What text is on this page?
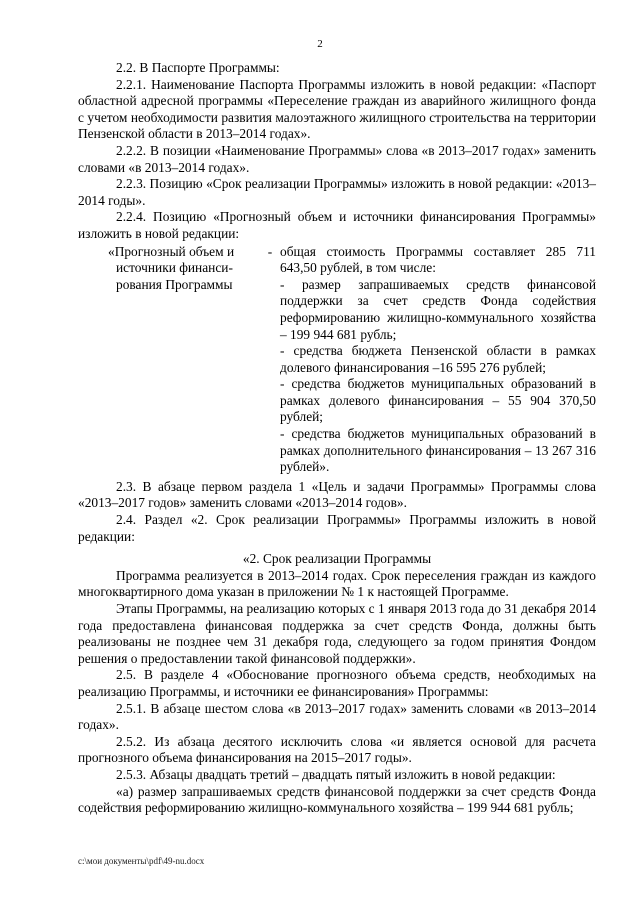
2

2.2. В Паспорте Программы:

2.2.1. Наименование Паспорта Программы изложить в новой редакции: «Паспорт областной адресной программы «Переселение граждан из аварийного жилищного фонда с учетом необходимости развития малоэтажного жилищного строительства на территории Пензенской области в 2013–2014 годах».

2.2.2. В позиции «Наименование Программы» слова «в 2013–2017 годах» заменить словами «в 2013–2014 годах».

2.2.3. Позицию «Срок реализации Программы» изложить в новой редакции: «2013–2014 годы».

2.2.4. Позицию «Прогнозный объем и источники финансирования Программы» изложить в новой редакции:

«Прогнозный объем и источники финансирования Программы
- общая стоимость Программы составляет 285 711 643,50 рублей, в том числе:

- размер запрашиваемых средств финансовой поддержки за счет средств Фонда содействия реформированию жилищно-коммунального хозяйства – 199 944 681 рубль;

- средства бюджета Пензенской области в рамках долевого финансирования –16 595 276 рублей;

- средства бюджетов муниципальных образований в рамках долевого финансирования – 55 904 370,50 рублей;

- средства бюджетов муниципальных образований в рамках дополнительного финансирования – 13 267 316 рублей».

2.3. В абзаце первом раздела 1 «Цель и задачи Программы» Программы слова «2013–2017 годов» заменить словами «2013–2014 годов».

2.4. Раздел «2. Срок реализации Программы» Программы изложить в новой редакции:

«2. Срок реализации Программы

Программа реализуется в 2013–2014 годах. Срок переселения граждан из каждого многоквартирного дома указан в приложении № 1 к настоящей Программе.

Этапы Программы, на реализацию которых с 1 января 2013 года до 31 декабря 2014 года предоставлена финансовая поддержка за счет средств Фонда, должны быть реализованы не позднее чем 31 декабря года, следующего за годом принятия Фондом решения о предоставлении такой финансовой поддержки».

2.5. В разделе 4 «Обоснование прогнозного объема средств, необходимых на реализацию Программы, и источники ее финансирования» Программы:

2.5.1. В абзаце шестом слова «в 2013–2017 годах» заменить словами «в 2013–2014 годах».

2.5.2. Из абзаца десятого исключить слова «и является основой для расчета прогнозного объема финансирования на 2015–2017 годы».

2.5.3. Абзацы двадцать третий – двадцать пятый изложить в новой редакции:

«а) размер запрашиваемых средств финансовой поддержки за счет средств Фонда содействия реформированию жилищно-коммунального хозяйства – 199 944 681 рубль;

c:\мои документы\pdf\49-nu.docx
